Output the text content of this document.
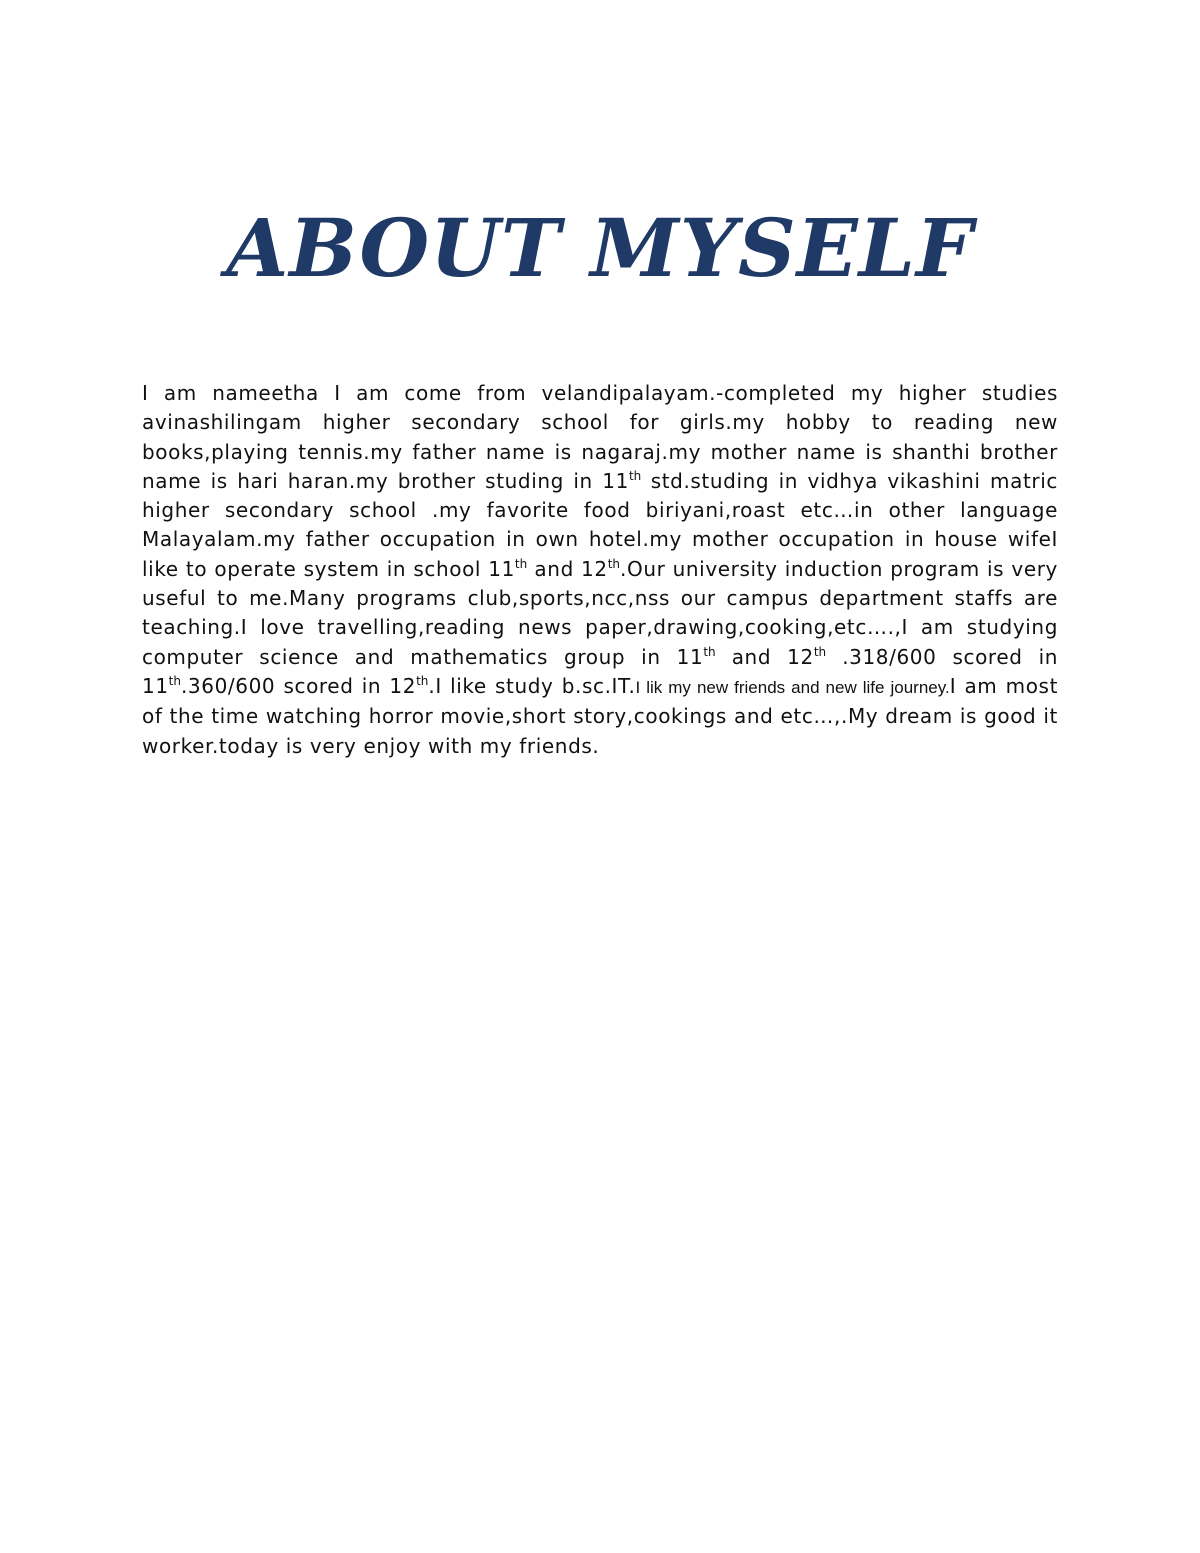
ABOUT MYSELF

I am nameetha I am come from velandipalayam.-completed my higher studies avinashilingam higher secondary school for girls.my hobby to reading new books,playing tennis.my father name is nagaraj.my mother name is shanthi brother name is hari haran.my brother studing in 11th std.studing in vidhya vikashini matric higher secondary school .my favorite food biriyani,roast etc…in other language Malayalam.my father occupation in own hotel.my mother occupation in house wifeI like to operate system in school 11th and 12th.Our university induction program is very useful to me.Many programs club,sports,ncc,nss our campus department staffs are teaching.I love travelling,reading news paper,drawing,cooking,etc….,I am studying computer science and mathematics group in 11th and 12th .318/600 scored in 11th.360/600 scored in 12th.I like study b.sc.IT.I lik my new friends and new life journey.I am most of the time watching horror movie,short story,cookings and etc…,.My dream is good it worker.today is very enjoy with my friends.
